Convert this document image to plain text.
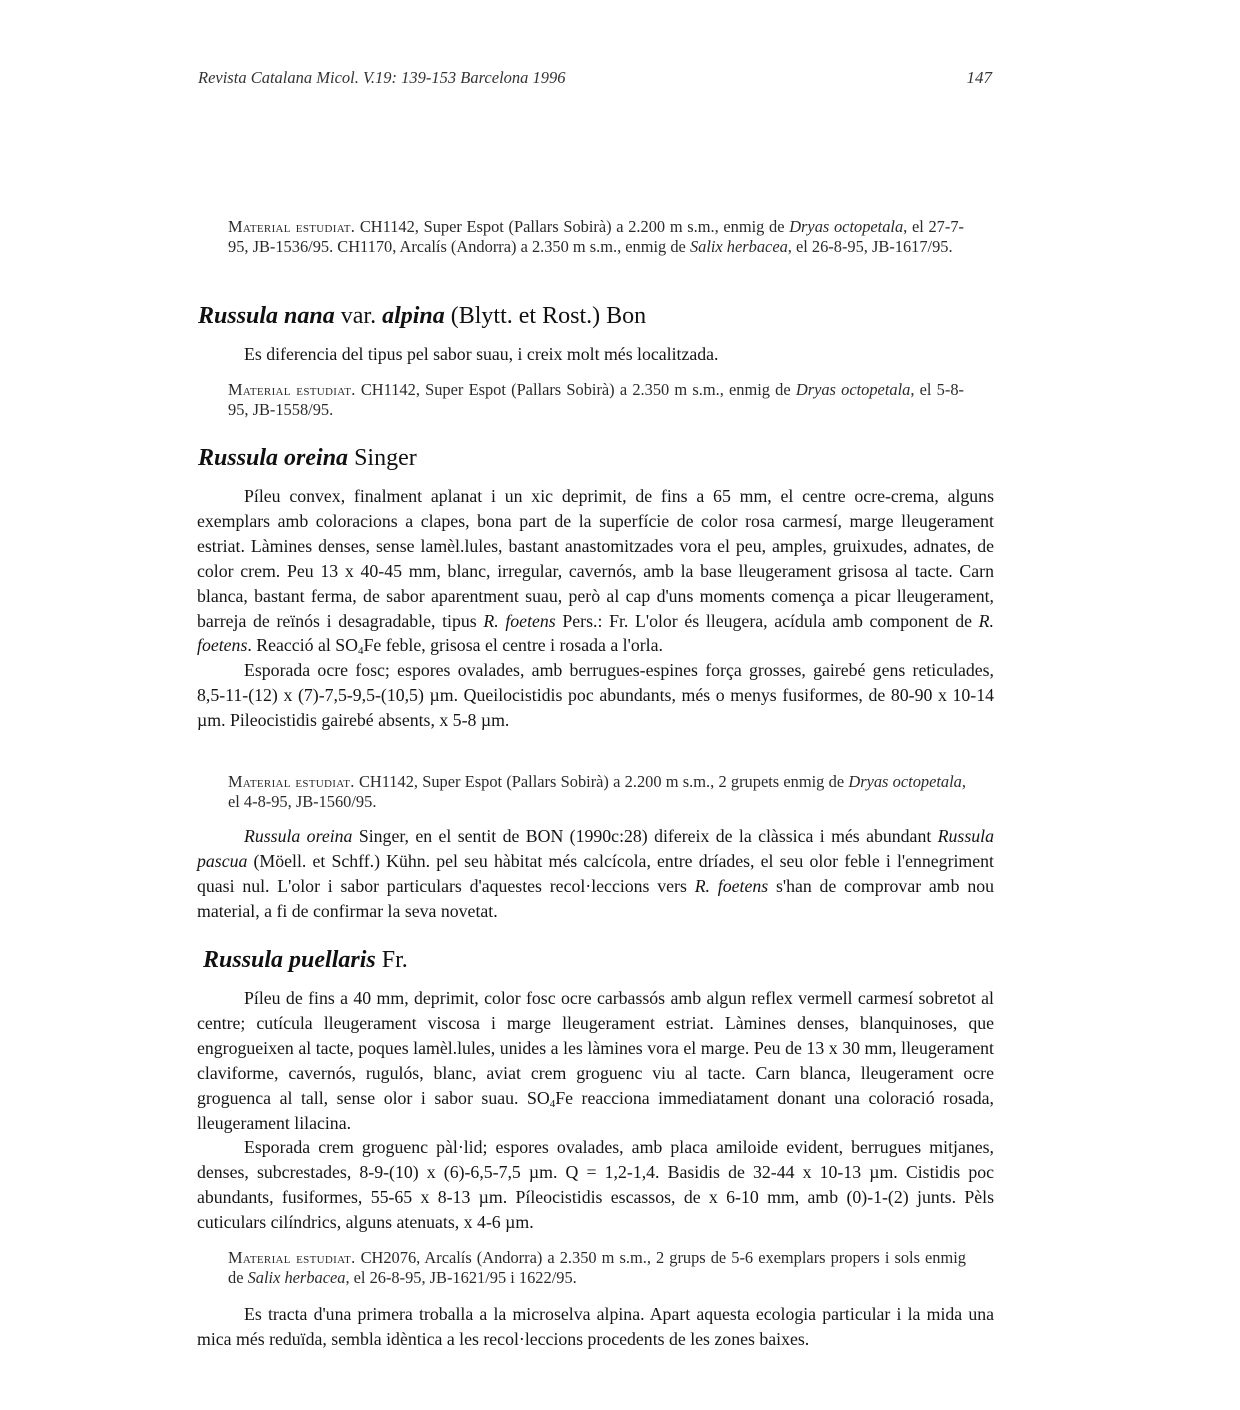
Revista Catalana Micol. V.19: 139-153 Barcelona 1996	147
Material estudiat. CH1142, Super Espot (Pallars Sobirà) a 2.200 m s.m., enmig de Dryas octopetala, el 27-7-95, JB-1536/95. CH1170, Arcalís (Andorra) a 2.350 m s.m., enmig de Salix herbacea, el 26-8-95, JB-1617/95.
Russula nana var. alpina (Blytt. et Rost.) Bon
Es diferencia del tipus pel sabor suau, i creix molt més localitzada.
Material estudiat. CH1142, Super Espot (Pallars Sobirà) a 2.350 m s.m., enmig de Dryas octopetala, el 5-8-95, JB-1558/95.
Russula oreina Singer

Píleu convex, finalment aplanat i un xic deprimit, de fins a 65 mm, el centre ocre-crema, alguns exemplars amb coloracions a clapes, bona part de la superfície de color rosa carmesí, marge lleugerament estriat. Làmines denses, sense lamèl.lules, bastant anastomitzades vora el peu, amples, gruixudes, adnates, de color crem. Peu 13 x 40-45 mm, blanc, irregular, cavernós, amb la base lleugerament grisosa al tacte. Carn blanca, bastant ferma, de sabor aparentment suau, però al cap d'uns moments comença a picar lleugerament, barreja de reïnós i desagradable, tipus R. foetens Pers.: Fr. L'olor és lleugera, acídula amb component de R. foetens. Reacció al $SO_4Fe$ feble, grisosa el centre i rosada a l'orla.

Esporada ocre fosc; espores ovalades, amb berrugues-espines força grosses, gairebé gens reticulades, 8,5-11-(12) x (7)-7,5-9,5-(10,5) µm. Queilocistidis poc abundants, més o menys fusiformes, de 80-90 x 10-14 µm. Pileocistidis gairebé absents, x 5-8 µm.

Material estudiat. CH1142, Super Espot (Pallars Sobirà) a 2.200 m s.m., 2 grupets enmig de Dryas octopetala, el 4-8-95, JB-1560/95.

Russula oreina Singer, en el sentit de BON (1990c:28) difereix de la clàssica i més abundant Russula pascua (Möell. et Schff.) Kühn. pel seu hàbitat més calcícola, entre dríades, el seu olor feble i l'ennegriment quasi nul. L'olor i sabor particulars d'aquestes recol·leccions vers R. foetens s'han de comprovar amb nou material, a fi de confirmar la seva novetat.

Russula puellaris Fr.

Píleu de fins a 40 mm, deprimit, color fosc ocre carbassós amb algun reflex vermell carmesí sobretot al centre; cutícula lleugerament viscosa i marge lleugerament estriat. Làmines denses, blanquinoses, que engrogueixen al tacte, poques lamèl.lules, unides a les làmines vora el marge. Peu de 13 x 30 mm, lleugerament claviforme, cavernós, rugulós, blanc, aviat crem groguenc viu al tacte. Carn blanca, lleugerament ocre groguenca al tall, sense olor i sabor suau. $SO_4Fe$ reacciona immediatament donant una coloració rosada, lleugerament lilacina.

Esporada crem groguenc pàl·lid; espores ovalades, amb placa amiloide evident, berrugues mitjanes, denses, subcrestades, 8-9-(10) x (6)-6,5-7,5 µm. Q = 1,2-1,4. Basidis de 32-44 x 10-13 µm. Cistidis poc abundants, fusiformes, 55-65 x 8-13 µm. Píleocistidis escassos, de x 6-10 mm, amb (0)-1-(2) junts. Pèls cuticulars cilíndrics, alguns atenuats, x 4-6 µm.

Material estudiat. CH2076, Arcalís (Andorra) a 2.350 m s.m., 2 grups de 5-6 exemplars propers i sols enmig de Salix herbacea, el 26-8-95, JB-1621/95 i 1622/95.

Es tracta d'una primera troballa a la microselva alpina. Apart aquesta ecologia particular i la mida una mica més reduïda, sembla idèntica a les recol·leccions procedents de les zones baixes.
